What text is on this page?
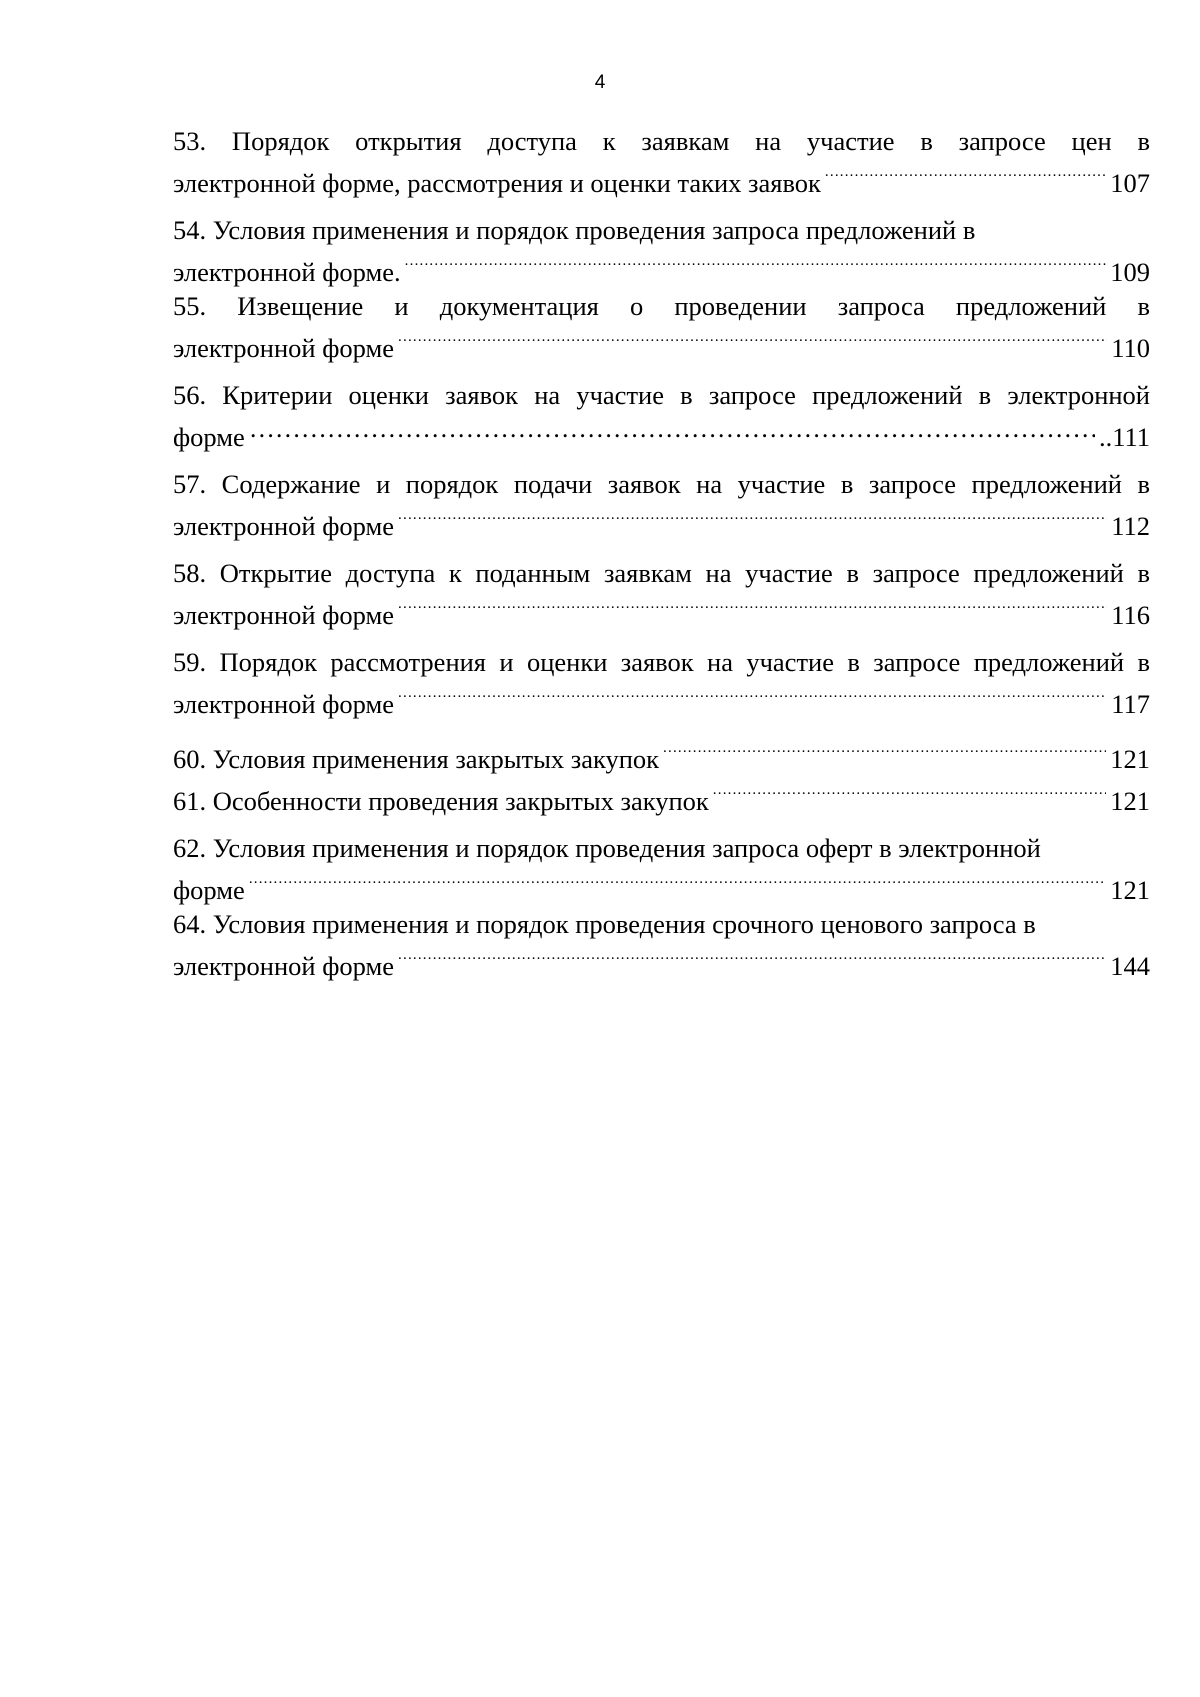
4
53. Порядок открытия доступа к заявкам на участие в запросе цен в
электронной форме, рассмотрения и оценки таких заявок .....	107
54. Условия применения и порядок проведения запроса предложений в
электронной форме. .....	109
55. Извещение и документация о проведении запроса предложений в
электронной форме .....	110
56. Критерии оценки заявок на участие в запросе предложений в электронной
форме …………………………………………………………………………………………………………………………………………	..111
57. Содержание и порядок подачи заявок на участие в запросе предложений в
электронной форме .....	112
58. Открытие доступа к поданным заявкам на участие в запросе предложений в
электронной форме .....	116
59. Порядок рассмотрения и оценки заявок на участие в запросе предложений в
электронной форме .....	117
60. Условия применения закрытых закупок .....	121
61. Особенности проведения закрытых закупок .....	121
62. Условия применения и порядок проведения запроса оферт в электронной
форме .....	121
64. Условия применения и порядок проведения срочного ценового запроса в
электронной форме .....	144
